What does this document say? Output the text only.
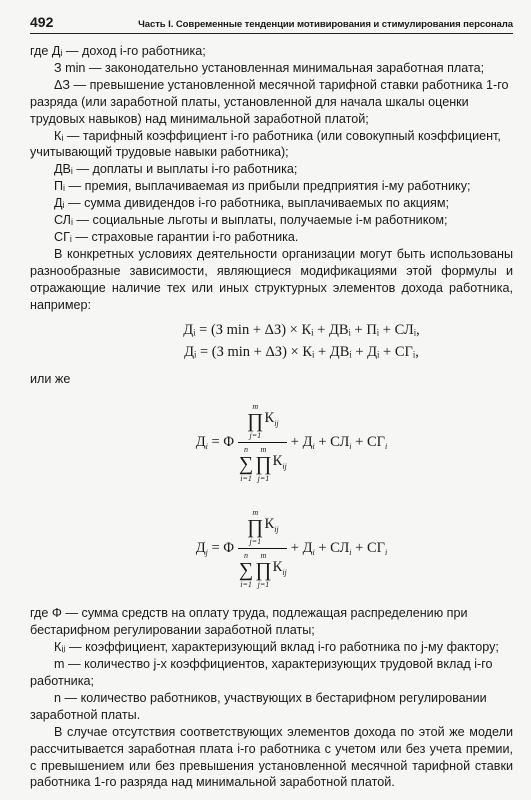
492	Часть I. Современные тенденции мотивирования и стимулирования персонала

где Дᵢ — доход i-го работника;

З min — законодательно установленная минимальная заработная плата;

ΔЗ — превышение установленной месячной тарифной ставки работника 1-го разряда (или заработной платы, установленной для начала шкалы оценки трудовых навыков) над минимальной заработной платой;

Кᵢ — тарифный коэффициент i-го работника (или совокупный коэффициент, учитывающий трудовые навыки работника);

ДВᵢ — доплаты и выплаты i-го работника;

Пᵢ — премия, выплачиваемая из прибыли предприятия i-му работнику;

Дᵢ — сумма дивидендов i-го работника, выплачиваемых по акциям;

СЛᵢ — социальные льготы и выплаты, получаемые i-м работником;

СГᵢ — страховые гарантии i-го работника.

В конкретных условиях деятельности организации могут быть использованы разнообразные зависимости, являющиеся модификациями этой формулы и отражающие наличие тех или иных структурных элементов дохода работника, например:

Дᵢ = (З min + ΔЗ) × Кᵢ + ДВᵢ + Пᵢ + СЛᵢ,

Дᵢ = (З min + ΔЗ) × Кᵢ + ДВᵢ + Дᵢ + СГᵢ,

или же

$Д_i = \Phi$ m
∏
j=1
$К_{ij}$
n
∑
i=1
m
∏
j=1
$К_{ij} + Д_i + СЛ_i + СГ_i$
$Д_j = \Phi$ m
∏
j=1
$К_{ij}$
n
∑
i=1
m
∏
j=1
$К_{ij} + Д_i + СЛ_i + СГ_i$

где Φ — сумма средств на оплату труда, подлежащая распределению при бестарифном регулировании заработной платы;

Кᵢⱼ — коэффициент, характеризующий вклад i-го работника по j-му фактору;

m — количество j-х коэффициентов, характеризующих трудовой вклад i-го работника;

n — количество работников, участвующих в бестарифном регулировании заработной платы.

В случае отсутствия соответствующих элементов дохода по этой же модели рассчитывается заработная плата i-го работника с учетом или без учета премии, с превышением или без превышения установленной месячной тарифной ставки работника 1-го разряда над минимальной заработной платой.
